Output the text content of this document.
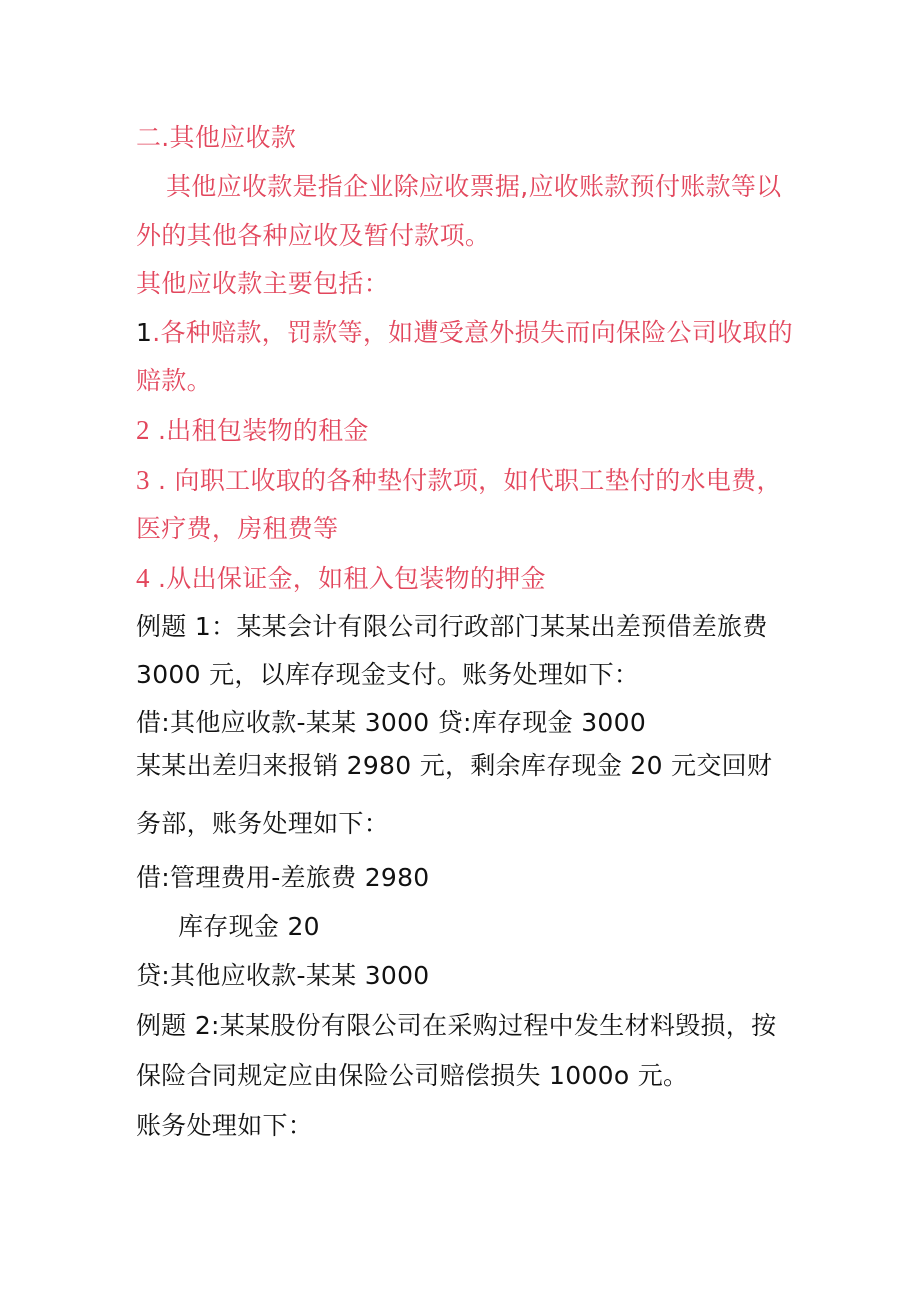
二.其他应收款

其他应收款是指企业除应收票据,应收账款预付账款等以

外的其他各种应收及暂付款项。

其他应收款主要包括：

1.各种赔款，罚款等，如遭受意外损失而向保险公司收取的

赔款。

2 .出租包装物的租金

3 . 向职工收取的各种垫付款项，如代职工垫付的水电费，

医疗费，房租费等

4 .从出保证金，如租入包装物的押金

例题 1：某某会计有限公司行政部门某某出差预借差旅费

3000 元，以库存现金支付。账务处理如下：

借:其他应收款-某某 3000 贷:库存现金 3000

某某出差归来报销 2980 元，剩余库存现金 20 元交回财

务部，账务处理如下：

借:管理费用-差旅费 2980

库存现金 20

贷:其他应收款-某某 3000

例题 2:某某股份有限公司在采购过程中发生材料毁损，按

保险合同规定应由保险公司赔偿损失 1000o 元。

账务处理如下：
